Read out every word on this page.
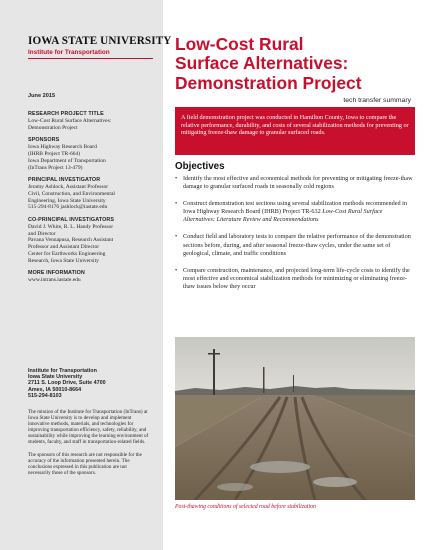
IOWA STATE UNIVERSITY
Institute for Transportation
June 2015
RESEARCH PROJECT TITLE
Low-Cost Rural Surface Alternatives:
Demonstration Project
SPONSORS
Iowa Highway Research Board
(IHRB Project TR-664)
Iowa Department of Transportation
(InTrans Project 13-479)
PRINCIPAL INVESTIGATOR
Jeramy Ashlock, Assistant Professor
Civil, Construction, and Environmental
Engineering, Iowa State University
515-294-8176 jashlock@iastate.edu
CO-PRINCIPAL INVESTIGATORS
David J. White, R. L. Handy Professor
and Director
Pavana Vennapusa, Research Assistant
Professor and Assistant Director
Center for Earthworks Engineering
Research, Iowa State University
MORE INFORMATION
www.intrans.iastate.edu
Institute for Transportation
Iowa State University
2711 S. Loop Drive, Suite 4700
Ames, IA 50010-8664
515-294-8103

The mission of the Institute for Transportation (InTrans) at Iowa State University is to develop and implement innovative methods, materials, and technologies for improving transportation efficiency, safety, reliability, and sustainability while improving the learning environment of students, faculty, and staff in transportation-related fields.

The sponsors of this research are not responsible for the accuracy of the information presented herein. The conclusions expressed in this publication are not necessarily those of the sponsors.

Low-Cost Rural
Surface Alternatives:
Demonstration Project
tech transfer summary
A field demonstration project was conducted in Hamilton County, Iowa to compare the relative performance, durability, and costs of several stabilization methods for preventing or mitigating freeze-thaw damage to granular surfaced roads.
Objectives
• Identify the most effective and economical methods for preventing or mitigating freeze-thaw damage to granular surfaced roads in seasonally cold regions
• Construct demonstration test sections using several stabilization methods recommended in Iowa Highway Research Board (IHRB) Project TR-632 Low-Cost Rural Surface Alternatives: Literature Review and Recommendations
• Conduct field and laboratory tests to compare the relative performance of the demonstration sections before, during, and after seasonal freeze-thaw cycles, under the same set of geological, climate, and traffic conditions
• Compare construction, maintenance, and projected long-term life-cycle costs to identify the most effective and economical stabilization methods for minimizing or eliminating freeze-thaw issues below they occur
Post-thawing conditions of selected road before stabilization
